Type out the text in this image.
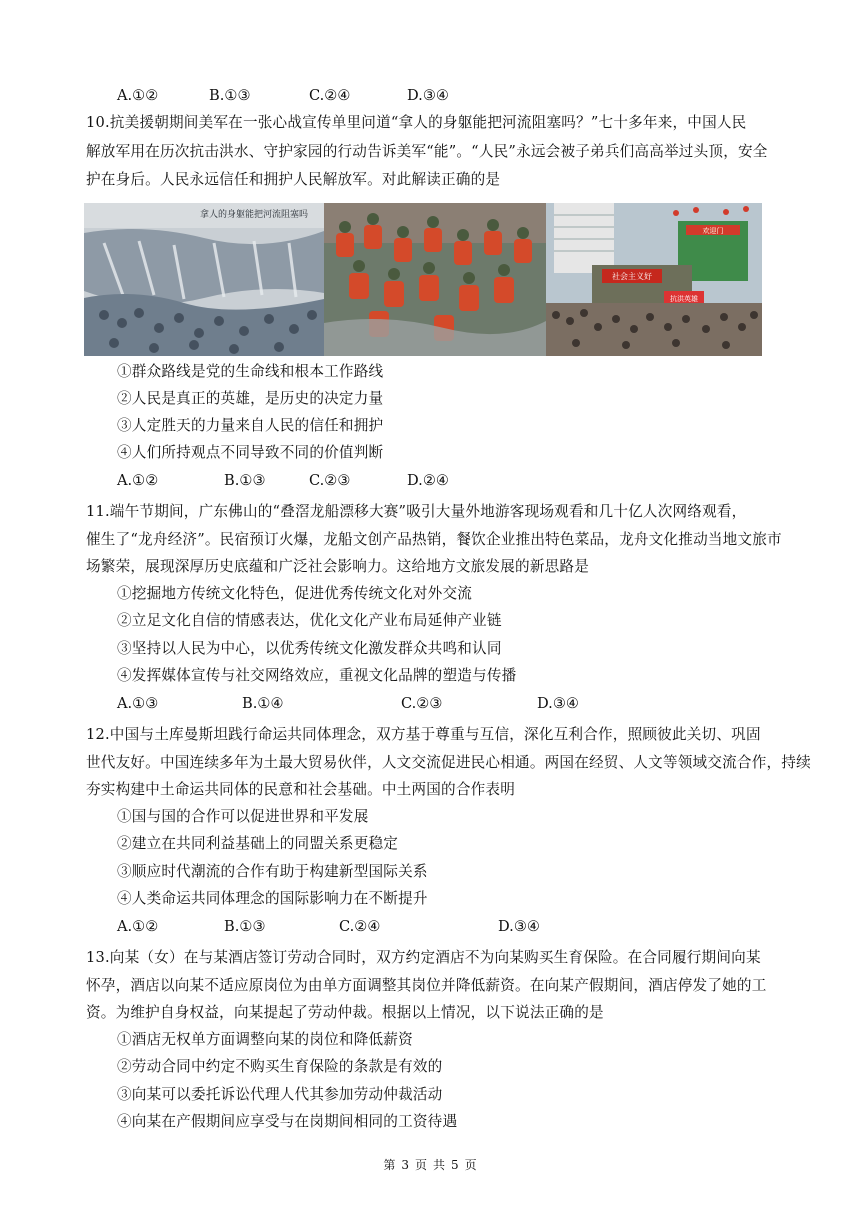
A.①②	B.①③	C.②④	D.③④
10.抗美援朝期间美军在一张心战宣传单里问道“拿人的身躯能把河流阻塞吗？”七十多年来，中国人民
解放军用在历次抗击洪水、守护家园的行动告诉美军“能”。“人民”永远会被子弟兵们高高举过头顶，安全
护在身后。人民永远信任和拥护人民解放军。对此解读正确的是
拿人的身躯能把河流阻塞吗
欢迎门
社会主义好
抗洪英雄
①群众路线是党的生命线和根本工作路线
②人民是真正的英雄，是历史的决定力量
③人定胜天的力量来自人民的信任和拥护
④人们所持观点不同导致不同的价值判断
A.①②	B.①③	C.②③	D.②④
11.端午节期间，广东佛山的“叠滘龙船漂移大赛”吸引大量外地游客现场观看和几十亿人次网络观看，
催生了“龙舟经济”。民宿预订火爆，龙船文创产品热销，餐饮企业推出特色菜品，龙舟文化推动当地文旅市
场繁荣，展现深厚历史底蕴和广泛社会影响力。这给地方文旅发展的新思路是
①挖掘地方传统文化特色，促进优秀传统文化对外交流
②立足文化自信的情感表达，优化文化产业布局延伸产业链
③坚持以人民为中心，以优秀传统文化激发群众共鸣和认同
④发挥媒体宣传与社交网络效应，重视文化品牌的塑造与传播
A.①③	B.①④	C.②③	D.③④
12.中国与土库曼斯坦践行命运共同体理念，双方基于尊重与互信，深化互利合作，照顾彼此关切、巩固
世代友好。中国连续多年为土最大贸易伙伴，人文交流促进民心相通。两国在经贸、人文等领域交流合作，持续
夯实构建中土命运共同体的民意和社会基础。中土两国的合作表明
①国与国的合作可以促进世界和平发展
②建立在共同利益基础上的同盟关系更稳定
③顺应时代潮流的合作有助于构建新型国际关系
④人类命运共同体理念的国际影响力在不断提升
A.①②	B.①③	C.②④	D.③④
13.向某（女）在与某酒店签订劳动合同时，双方约定酒店不为向某购买生育保险。在合同履行期间向某
怀孕，酒店以向某不适应原岗位为由单方面调整其岗位并降低薪资。在向某产假期间，酒店停发了她的工
资。为维护自身权益，向某提起了劳动仲裁。根据以上情况，以下说法正确的是
①酒店无权单方面调整向某的岗位和降低薪资
②劳动合同中约定不购买生育保险的条款是有效的
③向某可以委托诉讼代理人代其参加劳动仲裁活动
④向某在产假期间应享受与在岗期间相同的工资待遇
第 3 页 共 5 页
